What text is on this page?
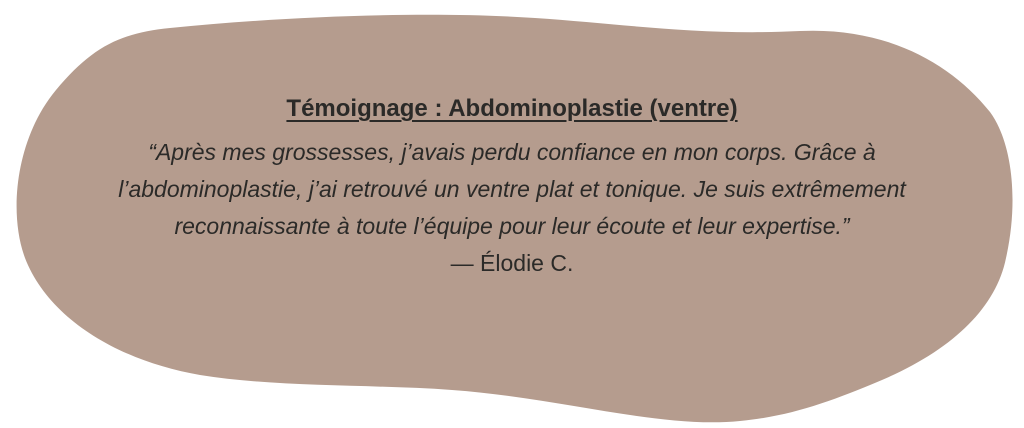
Témoignage : Abdominoplastie (ventre)
“Après mes grossesses, j’avais perdu confiance en mon corps. Grâce à l’abdominoplastie, j’ai retrouvé un ventre plat et tonique. Je suis extrêmement reconnaissante à toute l’équipe pour leur écoute et leur expertise.”
— Élodie C.
